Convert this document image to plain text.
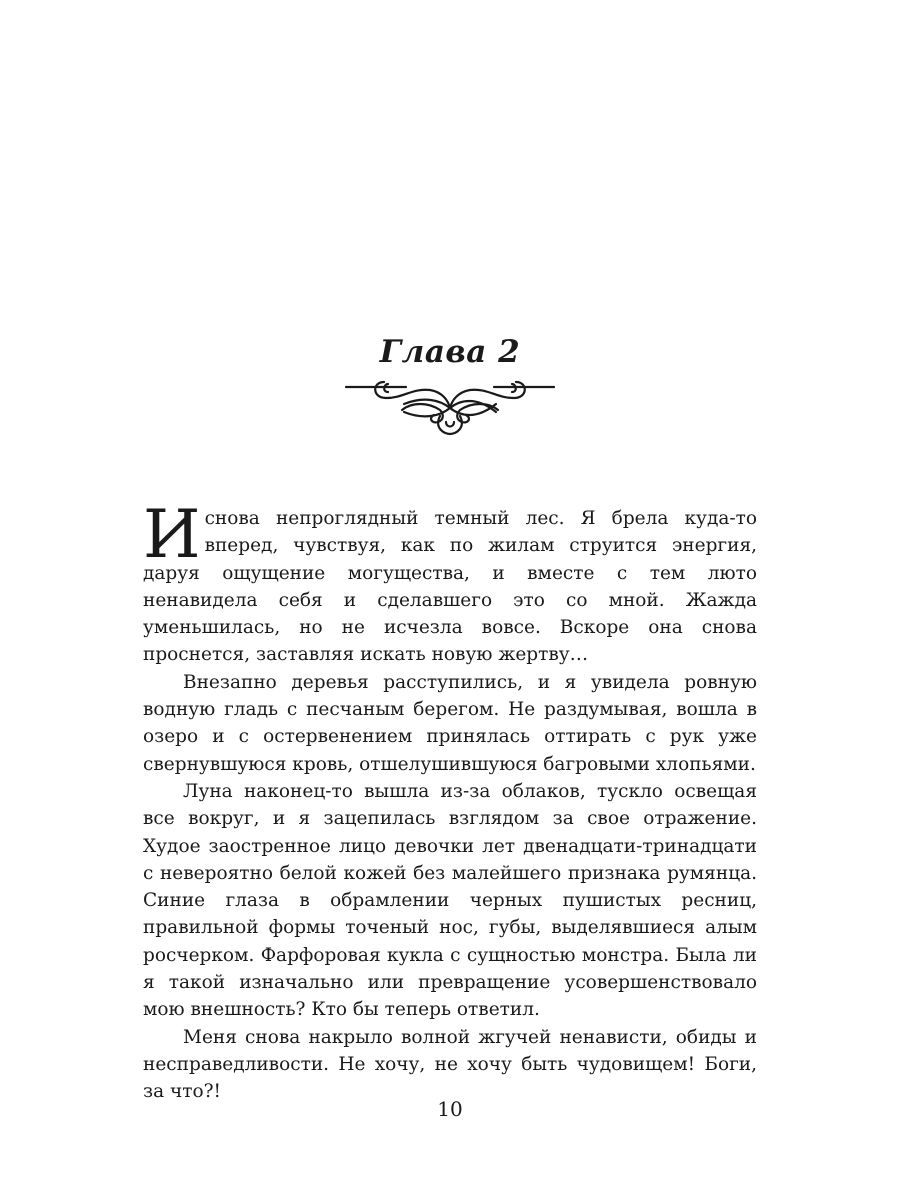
Глава 2

И снова непроглядный темный лес. Я брела куда-то вперед, чувствуя, как по жилам струится энергия, даруя ощущение могущества, и вместе с тем люто ненавидела себя и сделавшего это со мной. Жажда уменьшилась, но не исчезла вовсе. Вскоре она снова проснется, заставляя искать новую жертву…

Внезапно деревья расступились, и я увидела ровную водную гладь с песчаным берегом. Не раздумывая, вошла в озеро и с остервенением принялась оттирать с рук уже свернувшуюся кровь, отшелушившуюся багровыми хлопьями.

Луна наконец-то вышла из-за облаков, тускло освещая все вокруг, и я зацепилась взглядом за свое отражение. Худое заостренное лицо девочки лет двенадцати-тринадцати с невероятно белой кожей без малейшего признака румянца. Синие глаза в обрамлении черных пушистых ресниц, правильной формы точеный нос, губы, выделявшиеся алым росчерком. Фарфоровая кукла с сущностью монстра. Была ли я такой изначально или превращение усовершенствовало мою внешность? Кто бы теперь ответил.

Меня снова накрыло волной жгучей ненависти, обиды и несправедливости. Не хочу, не хочу быть чудовищем! Боги, за что?!

10
